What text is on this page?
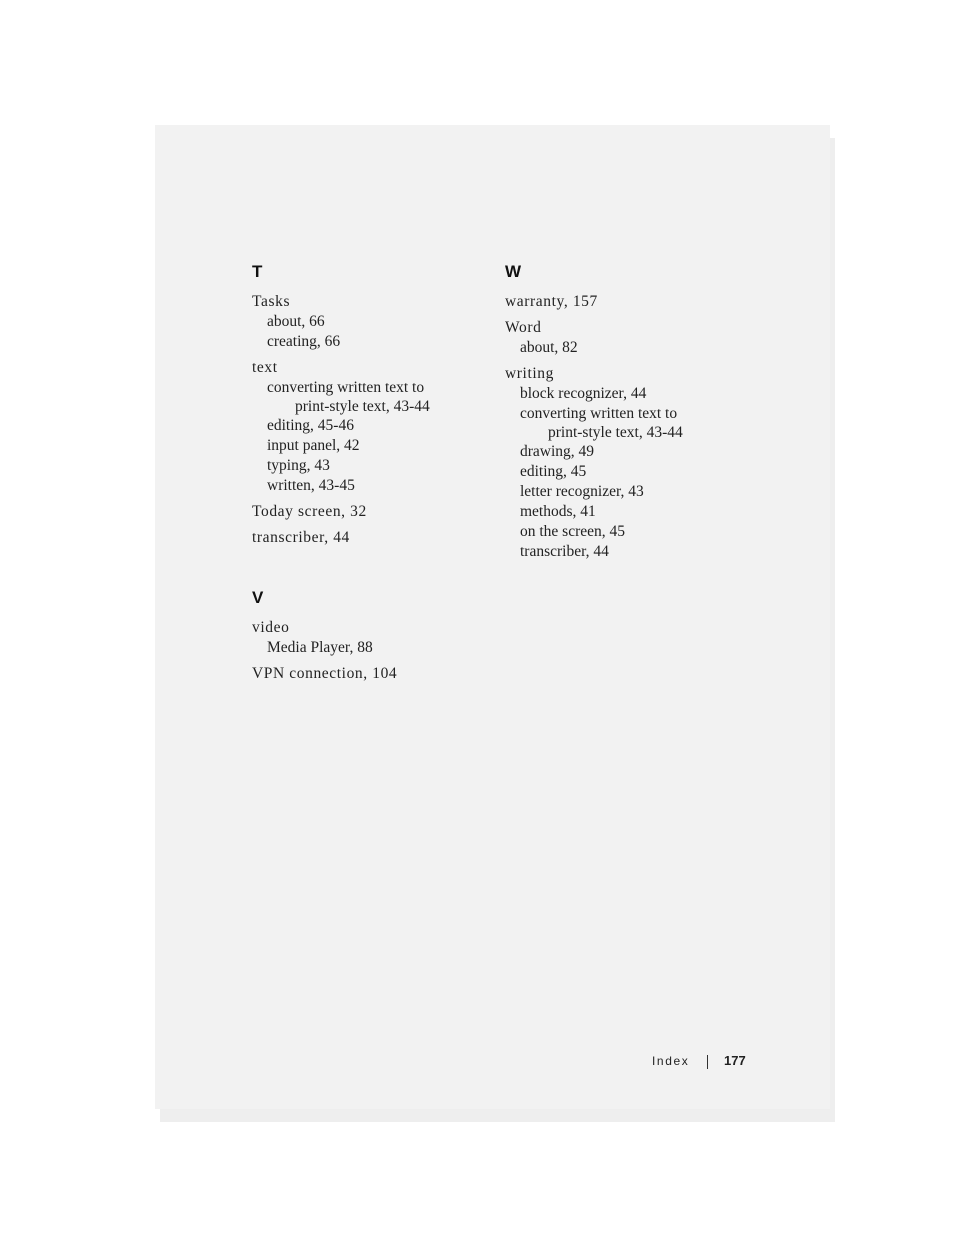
T
Tasks
about, 66
creating, 66
text
converting written text to
print-style text, 43-44
editing, 45-46
input panel, 42
typing, 43
written, 43-45
Today screen, 32
transcriber, 44
V
video
Media Player, 88
VPN connection, 104
W
warranty, 157
Word
about, 82
writing
block recognizer, 44
converting written text to
print-style text, 43-44
drawing, 49
editing, 45
letter recognizer, 43
methods, 41
on the screen, 45
transcriber, 44
Index	177
